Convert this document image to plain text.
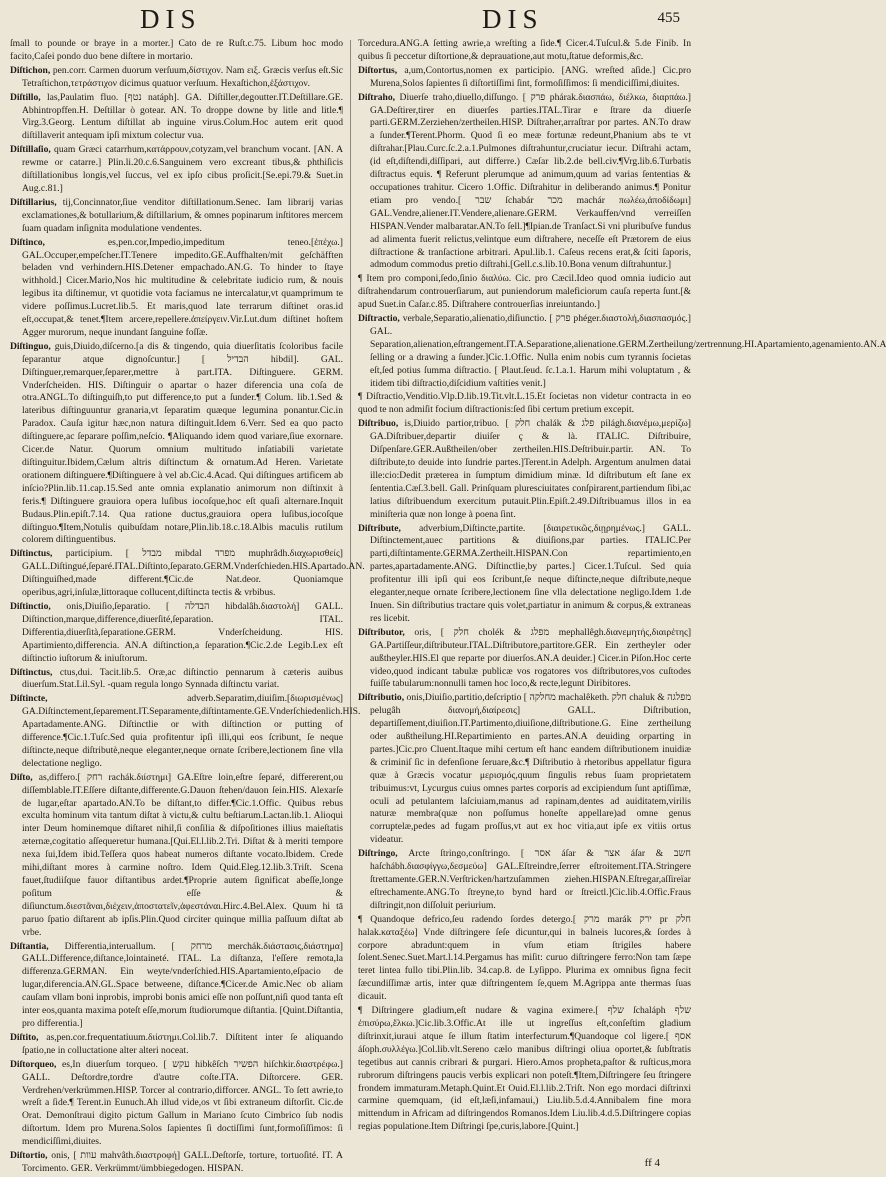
DIS	DIS	455
ſmall to pounde or braye in a morter.] Cato de re Ruſt.c.75. Libum hoc modo facito,Caſei pondo duo bene diſtere in mortario.
Diſtichon, pen.corr. Carmen duorum verſuum,δίστιχον. Nam ειξ. Græcis verſus eſt.Sic Tetraſtichon,τετράστιχον dicimus quatuor verſuum. Hexaſtichon,ἑξάστιχον.
Diſtillo, las,Paulatim fluo. [נטף natáph]. GA. Diſtiller,degoutter.IT.Deſtillare.GE. Abhintropffen.H. Deſtillar ò gotear. AN. To droppe downe by litle and litle.¶ Virg.3.Georg. Lentum diſtillat ab inguine virus.Colum.Hoc autem erit quod diſtillaverit antequam ipſi mixtum colectur vua.
Diſtillaſio, quam Græci catarrhum,κατάρρουν,cotyzam,vel branchum vocant. [AN. A rewme or catarre.] Plin.li.20.c.6.Sanguinem vero excreant tibus,& phthiſicis diſtillationibus longis,vel ſuccus, vel ex ipſo cibus proſicit.[Se.epi.79.& Suet.in Aug.c.81.]
Diſtillarius, tij,Concinnator,ſiue venditor diſtillationum.Senec. Iam librarij varias exclamationes,& botullarium,& diſtillarium, & omnes popinarum inſtitores mercem ſuam quadam inſignita modulatione vendentes.
Diſtinco, es,pen.cor,Impedio,impeditum teneo.[ἐπέχω.] GAL.Occuper,empeſcher.IT.Tenere impedito.GE.Auffhalten/mit geſchäfften beladen vnd verhindern.HIS.Detener empachado.AN.G. To hinder to ſtaye withhold.] Cicer.Mario,Nos hic multitudine & celebritate iudicio rum, & nouis legibus ita diſtinemur, vt quotidie vota faciamus ne intercalatur,vt quamprimum te videre poſſimus.Lucret.lib.5. Et maris,quod late terrarum diſtinet oras.id eſt,occupat,& tenet.¶Item arcere,repellere.ἀπείργειν.Vir.Lut.dum diſtinet hoſtem Agger murorum, neque inundant ſanguine foſſæ.
Diſtinguo, guis,Diuido,diſcerno.[a dis & tingendo, quia diuerſitatis ſcoloribus facile ſeparantur atque dignoſcuntur.] [ הבדיל hibdil]. GAL. Diſtinguer,remarquer,ſeparer,mettre à part.ITA. Diſtinguere. GERM. Vnderſcheiden. HIS. Diſtinguir o apartar o hazer diferencia una coſa de otra.ANGL.To diſtinguiſh,to put difference,to put a ſunder.¶ Colum. lib.1.Sed & lateribus diſtinguuntur granaria,vt ſeparatim quæque legumina ponantur.Cic.in Paradox. Cauſa igitur hæc,non natura diſtinguit.Idem 6.Verr. Sed ea quo pacto diſtinguere,ac ſeparare poſſim,neſcio. ¶Aliquando idem quod variare,ſiue exornare. Cicer.de Natur. Quorum omnium multitudo inſatiabili varietate diſtinguitur.Ibidem,Cælum altris diſtinctum & ornatum.Ad Heren. Varietate orationem diſtinguere.¶Diſtinguere à vel ab.Cic.4.Acad. Qui diſtingues artificem ab inſcio?Plin.lib.11.cap.15.Sed ante omnia explanatio animorum non diſtinxit à feris.¶ Diſtinguere grauiora opera luſibus iocoſque,hoc eſt quaſi alternare.Inquit Budaus.Plin.epiſt.7.14. Qua ratione ductus,grauiora opera luſibus,iocoſque diſtinguo.¶Item,Notulis quibuſdam notare,Plin.lib.18.c.18.Albis maculis rutilum colorem diſtinguentibus.
Diſtinctus, participium. [ מבדל mibdal מפרד muphrâdh.διαχωρισθείς] GALL.Diſtingué,ſeparé.ITAL.Diſtinto,ſeparato.GERM.Vnderſchieden.HIS.Apartado.AN. Diſtinguiſhed,made different.¶Cic.de Nat.deor. Quoniamque operibus,agri,inſulæ,littoraque collucent,diſtincta tectis & vrbibus.
Diſtinctio, onis,Diuiſio,ſeparatio. [ הבדלה hibdalâh.διαστολή] GALL. Diſtinction,marque,difference,diuerſité,ſeparation. ITAL. Differentia,diuerſità,ſeparatione.GERM. Vnderſcheidung. HIS. Apartimiento,differencia. AN.A diſtinction,a ſeparation.¶Cic.2.de Legib.Lex eſt diſtinctio iuſtorum & iniuſtorum.
Diſtinctus, ctus,dui. Tacit.lib.5. Oræ,ac diſtinctio pennarum à cæteris auibus diuerſum.Stat.Lil.Syl. -quam regula longo Synnada diſtinctu variat.
Diſtincte, adverb.Separatim,diuiſim.[διωρισμένως] GA.Diſtinctement,ſeparement.IT.Separamente,diſtintamente.GE.Vnderſchiedenlich.HIS. Apartadamente.ANG. Diſtinctlie or with diſtinction or putting of difference.¶Cic.1.Tuſc.Sed quia profitentur ipſi illi,qui eos ſcribunt, ſe neque diſtincte,neque diſtributè,neque eleganter,neque ornate ſcribere,lectionem ſine vlla delectatione negligo.
Diſto, as,differo.[ רחק rachák.διίστημι] GA.Eſtre loin,eſtre ſeparé, differerent,ou diſſemblable.IT.Eſſere diſtante,differente.G.Dauon ſtehen/dauon ſein.HIS. Alexarſe de lugar,eſtar apartado.AN.To be diſtant,to differ.¶Cic.1.Offic. Quibus rebus exculta hominum vita tantum diſtat à victu,& cultu beſtiarum.Lactan.lib.1. Alioqui inter Deum hominemque diſtaret nihil,ſi conſilia & diſpoſitiones illius maieſtatis æternæ,cogitatio aſſequeretur humana.[Qui.El.l.lib.2.Tri. Diſtat & à meriti tempore nexa ſui,Idem ibid.Teſſera quos habeat numeros diſtante vocato.Ibidem. Crede mihi,diſtant mores à carmine noſtro. Idem Quid.Eleg.12.lib.3.Triſt. Scena fauet,ſtudiiſque fauor diſtantibus ardet.¶Proprie autem ſignificat abeſſe,longe poſitum eſſe & diſiunctum.διεστᾶναι,διέχειν,ἀποστατεῖν,ἀφεστάναι.Hirc.4.Bel.Alex. Quum hi tā paruo ſpatio diſtarent ab ipſis.Plin.Quod circiter quinque millia paſſuum diſtat ab vrbe.
Diſtantia, Differentia,interuallum. [ מרחק merchák.διάστασις,διάστημα] GALL.Difference,diſtance,lointaineté. ITAL. La diſtanza, l'eſſere remota,la differenza.GERMAN. Ein weyte/vnderſchied.HIS.Apartamiento,eſpacio de lugar,diferencia.AN.GL.Space betweene, diſtance.¶Cicer.de Amic.Nec ob aliam cauſam vllam boni inprobis, improbi bonis amici eſſe non poſſunt,niſi quod tanta eſt inter eos,quanta maxima poteſt eſſe,morum ſtudiorumque diſtantia. [Quint.Diſtantia, pro differentia.]
Diſtito, as,pen.cor.frequentatiuum.διίστημι.Col.lib.7. Diſtitent inter ſe aliquando ſpatio,ne in colluctatione alter alteri noceat.
Diſtorqueo, es,In diuerſum torqueo. [ עקש hibkêſch הפשיר hiſchkir.διαστρέφω.] GALL. Deſtordre,tordre d'autre coſte.ITA. Diſtorcere. GER. Verdrehen/verkrümmen.HISP. Torcer al contrario,difforcer. ANGL. To ſett awrie,to wreſt a ſide.¶ Terent.in Eunuch.Ah illud vide,os vt ſibi extraneum diſtorſit. Cic.de Orat. Demonſtraui digito pictum Gallum in Mariano ſcuto Cimbrico ſub nodis diſtortum. Idem pro Murena.Solos ſapientes ſi doctiſſimi ſunt,formoſiſſimos: ſi mendiciſſimi,diuites.
Diſtortio, onis, [ עוות mahvâth.διαστροφή] GALL.Deſtorſe, torture, tortuoſité. IT. A Torcimento. GER. Verkrümmt/ümbbiegedogen. HISPAN.
Torcedura.ANG.A ſetting awrie,a wreſting a ſide.¶ Cicer.4.Tuſcul.& 5.de Finib. In quibus ſi peccetur diſtortione,& deprauatione,aut motu,ſtatue deformis,&c.
Diſtortus, a,um,Contortus,nomen ex participio. [ANG. wreſted aſide.] Cic.pro Murena,Solos ſapientes ſi diſtortiſſimi ſint, formoſiſſimos: ſi mendiciſſimi,diuites.
Diſtraho, Diuerſe traho,diuello,diſſungo. [ פרק phárak.διασπάω, διέλκω, διαρπάω.] GA.Deſtirer,tirer en diuerſes parties.ITAL.Tirar e ſtrare da diuerſe parti.GERM.Zerziehen/zertheilen.HISP. Diſtraher,arraſtrar por partes. AN.To draw a ſunder.¶Terent.Phorm. Quod ſi eo meæ fortunæ redeunt,Phanium abs te vt diſtrahar.[Plau.Curc.ſc.2.a.1.Pulmones diſtrahuntur,cruciatur iecur. Diſtrahi actam,(id eſt,diſtendi,diſſipari, aut differre.) Cæſar lib.2.de bell.civ.¶Vrg.lib.6.Turbatis diſtractus equis. ¶ Referunt plerumque ad animum,quum ad varias ſententias & occupationes trahitur. Cicero 1.Offic. Diſtrahitur in deliberando animus.¶ Ponitur etiam pro vendo.[ שבר ſchabár מכר machár πωλέω,ἀποδίδωμι] GAL.Vendre,aliener.IT.Vendere,alienare.GERM. Verkauffen/vnd verreiſſen HISPAN.Vender malbaratar.AN.To ſell.]¶Ipian.de Tranſact.Si vni pluribuſve fundus ad alimenta fuerit relictus,velintque eum diſtrahere, neceſſe eſt Prætorem de eius diſtractione & tranſactione arbitrari. Apul.lib.1. Caſeus recens erat,& ſciti ſaporis, admodum commodus pretio diſtrahi.[Gell.c.s.lib.10.Bona venum diſtrahuntur.]
¶ Item pro componi,ſedo,ſinio διαλύω. Cic. pro Cæcil.Ideo quod omnia iudicio aut diſtrahendarum controuerſiarum, aut puniendorum maleficiorum cauſa reperta ſunt.[& apud Suet.in Caſar.c.85. Diſtrahere controuerſias inreiuntando.]
Diſtractio, verbale,Separatio,alienatio,diſiunctio. [ פרק phéger.διαστολή,διασπασμός.] GAL. Separation,alienation,eſtrangement.IT.A.Separatione,alienatione.GERM.Zertheilung/zertrennung.HI.Apartamiento,agenamiento.AN.A ſelling or a drawing a ſunder.]Cic.1.Offic. Nulla enim nobis cum tyrannis ſocietas eſt,ſed potius ſumma diſtractio. [ Plaut.ſeud. ſc.1.a.1. Harum mihi voluptatum , & itidem tibi diſtractio,diſcidium vaſtities venit.]
¶ Diſtractio,Venditio.Vlp.D.lib.19.Tit.vlt.L.15.Et ſocietas non videtur contracta in eo quod te non admiſit focium diſtractionis:ſed ſibi certum pretium excepit.
Diſtribuo, is,Diuido partior,tribuo. [ חלק chalák & פלג pilágh.διανέμω,μερίζω] GA.Diſtribuer,departir diuiſer ç & là. ITALIC. Diſtribuire, Diſpenſare.GER.Außtheilen/ober zertheilen.HIS.Deſtribuir.partir. AN. To diſtribute,to deuide into ſundrie partes.]Terent.in Adelph. Argentum anulmen datai ille:cio:Dedit præterea in ſumptum dimidium minæ. Id diſtributum eſt ſane ex ſententia.Cæſ.3.bell. Gall. Prinſquam pluresciuitates conſpirarent,partiendum ſibi,ac latius diſtribuendum exercitum putauit.Plin.Epiſt.2.49.Diſtribuamus illos in ea miniſteria quæ non longe à poena ſint.
Diſtribute, adverbium,Diſtincte,partite. [διαιρετικῶς,διῃρημένως.] GALL. Diſtinctement,auec partitions & diuiſions,par parties. ITALIC.Per parti,diſtintamente.GERMA.Zertheilt.HISPAN.Con repartimiento,en partes,apartadamente.ANG. Diſtinctlie,by partes.] Cicer.1.Tuſcul. Sed quia profitentur illi ipſi qui eos ſcribunt,ſe neque diſtincte,neque diſtribute,neque eleganter,neque ornate ſcribere,lectionem ſine vlla delectatione negligo.Idem 1.de Inuen. Sin diſtributius tractare quis volet,partiatur in animum & corpus,& extraneas res licebit.
Diſtributor, oris, [ חלק cholék & מפלג mephallêgh.διανεμητής,διαιρέτης] GA.Partiſſeur,diſtributeur.ITAL.Diſtributore,partitore.GER. Ein zertheyler oder außtheyler.HIS.El que reparte por diuerſos.AN.A deuider.] Cicer.in Piſon.Hoc certe video,quod indicant tabulæ publicæ vos rogatores vos diſtributores,vos cuſtodes fuiſſe tabularum:nonnulli tamen hoc loco,& recte,legunt Diribitores.
Diſtributio, onis,Diuiſio,partitio,deſcriptio [ מחלקה machalêketh. חלק chaluk & מפלגה pelugâh διανομή,διαίρεσις] GALL. Diſtribution, departiſſement,diuiſion.IT.Partimento,diuiſione,diſtributione.G. Eine zertheilung oder außtheilung.HI.Repartimiento en partes.AN.A deuiding orparting in partes.]Cic.pro Cluent.Itaque mihi certum eſt hanc eandem diſtributionem inuidiæ & criminiſ ſic in defenſione ſeruare,&c.¶ Diſtributio à rhetoribus appellatur figura quæ à Græcis vocatur μερισμός,quum ſingulis rebus ſuam proprietatem tribuimus:vt, Lycurgus cuius omnes partes corporis ad excipiendum ſunt aptiſſimæ, oculi ad petulantem laſciuiam,manus ad rapinam,dentes ad auiditatem,virilis naturæ membra(quæ non poſſumus honeſte appellare)ad omne genus corruptelæ,pedes ad fugam proſſus,vt aut ex hoc vitia,aut ipſe ex vitiis ortus videatur.
Diſtringo, Arcte ſtringo,conſtringo. [ אסר áſar & אצר áſar & חשב haſchábh.διασφίγγω,δεσμεύω] GAL.Eſtreindre,ſerrer eſtroitement.ITA.Stringere ſtrettamente.GER.N.Verſtricken/hartzuſammen ziehen.HISPAN.Eſtregar,aſſireïar eſtrechamente.ANG.To ſtreyne,to bynd hard or ſtreictl.]Cic.lib.4.Offic.Fraus diſtringit,non diſſoluit periurium.
¶ Quandoque defrico,ſeu radendo ſordes detergo.[ מרק marák ירק pr חלק halak.καταξέω] Vnde diſtringere ſeſe dicuntur,qui in balneis lucores,& ſordes à corpore abradunt:quem in vſum etiam ſtrigiles habere ſolent.Senec.Suet.Mart.l.14.Pergamus has miſit: curuo diſtringere ferro:Non tam ſæpe teret lintea fullo tibi.Plin.lib. 34.cap.8. de Lyſippo. Plurima ex omnibus ſigna fecit ſæcundiſſimæ artis, inter quæ diſtringentem ſe,quem M.Agrippa ante thermas ſuas dicauit.
¶ Diſtringere gladium,eſt nudare & vagina eximere.[ שלף ſchaláph שלף ἐπισύρω,ἕλκω.]Cic.lib.3.Offic.At ille ut ingreſſus eſt,conſeſtim gladium diſtrinxit,iuraui atque ſe illum ſtatim interfecturum.¶Quandoque col ligere.[ אסף áſoph.συλλέγω.]Col.lib.vlt.Sereno cælo manibus diſtringi oliua oportet,& ſubſtratis tegetibus aut cannis cribrari & purgari. Hiero.Amos propheta,paſtor & ruſticus,mora rubrorum diſtringens paucis verbis explicari non poteſt.¶Item,Diſtringere ſeu ſtringere frondem immaturam.Metaph.Quint.Et Ouid.El.l.lib.2.Triſt. Non ego mordaci diſtrinxi carmine quemquam, (id eſt,læſi,infamaui,) Liu.lib.5.d.4.Annibalem fine mora mittendum in Africam ad diſtringendos Romanos.Idem Liu.lib.4.d.5.Diſtringere copias regias populatione.Item Diſtringi ſpe,curis,labore.[Quint.]
ff 4
